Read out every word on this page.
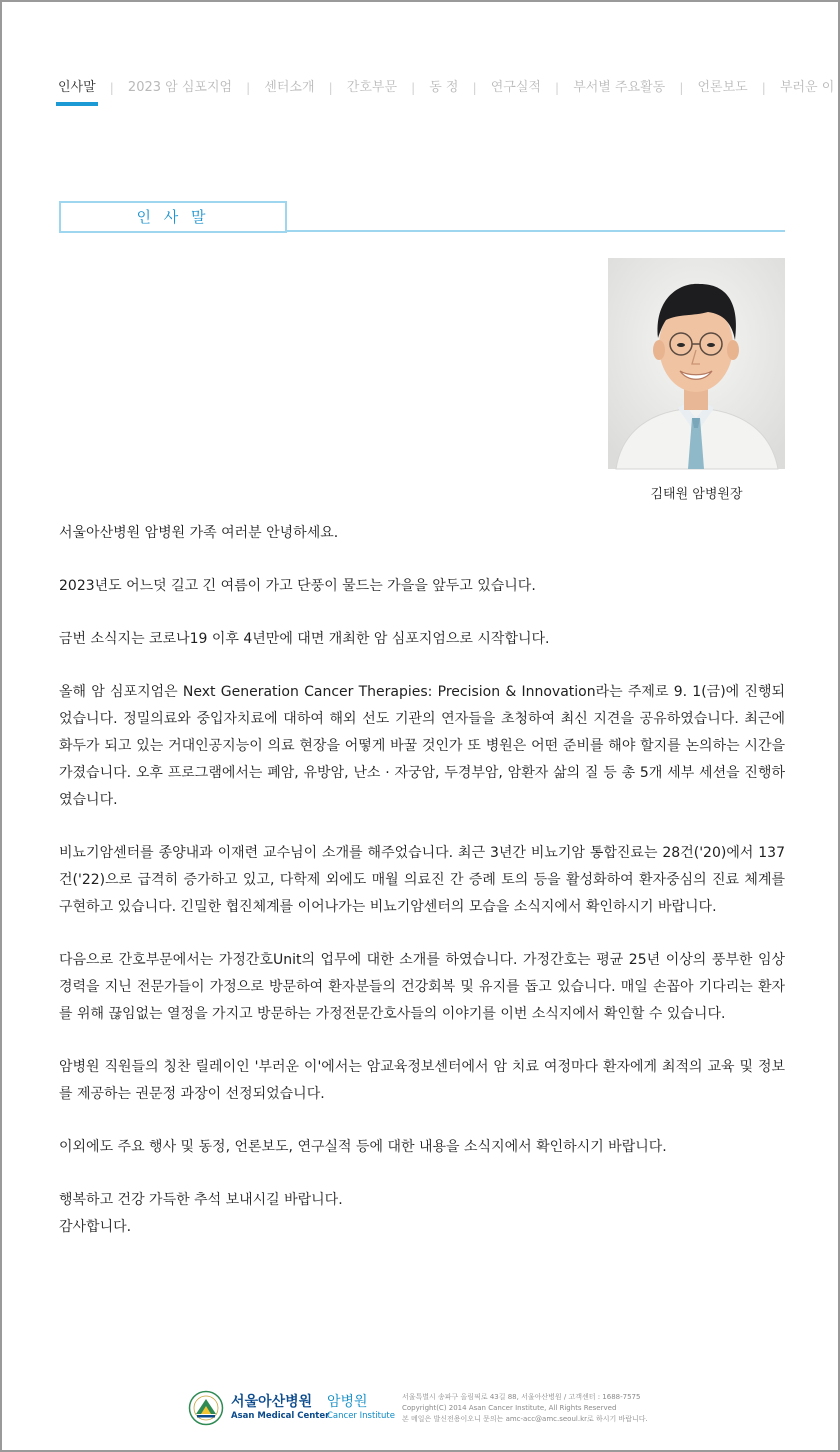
인사말 | 2023 암 심포지엄 | 센터소개 | 간호부문 | 동 정 | 연구실적 | 부서별 주요활동 | 언론보도 | 부러운 이
인 사 말
김태원 암병원장

서울아산병원 암병원 가족 여러분 안녕하세요.

2023년도 어느덧 길고 긴 여름이 가고 단풍이 물드는 가을을 앞두고 있습니다.

금번 소식지는 코로나19 이후 4년만에 대면 개최한 암 심포지엄으로 시작합니다.

올해 암 심포지엄은 Next Generation Cancer Therapies: Precision & Innovation라는 주제로 9. 1(금)에 진행되었습니다. 정밀의료와 중입자치료에 대하여 해외 선도 기관의 연자들을 초청하여 최신 지견을 공유하였습니다. 최근에 화두가 되고 있는 거대인공지능이 의료 현장을 어떻게 바꿀 것인가 또 병원은 어떤 준비를 해야 할지를 논의하는 시간을 가졌습니다. 오후 프로그램에서는 폐암, 유방암, 난소 · 자궁암, 두경부암, 암환자 삶의 질 등 총 5개 세부 세션을 진행하였습니다.

비뇨기암센터를 종양내과 이재련 교수님이 소개를 해주었습니다. 최근 3년간 비뇨기암 통합진료는 28건('20)에서 137건('22)으로 급격히 증가하고 있고, 다학제 외에도 매월 의료진 간 증례 토의 등을 활성화하여 환자중심의 진료 체계를 구현하고 있습니다. 긴밀한 협진체계를 이어나가는 비뇨기암센터의 모습을 소식지에서 확인하시기 바랍니다.

다음으로 간호부문에서는 가정간호Unit의 업무에 대한 소개를 하였습니다. 가정간호는 평균 25년 이상의 풍부한 임상경력을 지닌 전문가들이 가정으로 방문하여 환자분들의 건강회복 및 유지를 돕고 있습니다. 매일 손꼽아 기다리는 환자를 위해 끊임없는 열정을 가지고 방문하는 가정전문간호사들의 이야기를 이번 소식지에서 확인할 수 있습니다.

암병원 직원들의 칭찬 릴레이인 '부러운 이'에서는 암교육정보센터에서 암 치료 여정마다 환자에게 최적의 교육 및 정보를 제공하는 권문정 과장이 선정되었습니다.

이외에도 주요 행사 및 동정, 언론보도, 연구실적 등에 대한 내용을 소식지에서 확인하시기 바랍니다.

행복하고 건강 가득한 추석 보내시길 바랍니다.
감사합니다.

서울아산병원 암병원
Asan Medical Center
Cancer Institute
서울특별시 송파구 올림픽로 43길 88, 서울아산병원 / 고객센터 : 1688-7575
Copyright(C) 2014 Asan Cancer Institute, All Rights Reserved
본 메일은 발신전용이오니 문의는 amc-acc@amc.seoul.kr로 하시기 바랍니다.
